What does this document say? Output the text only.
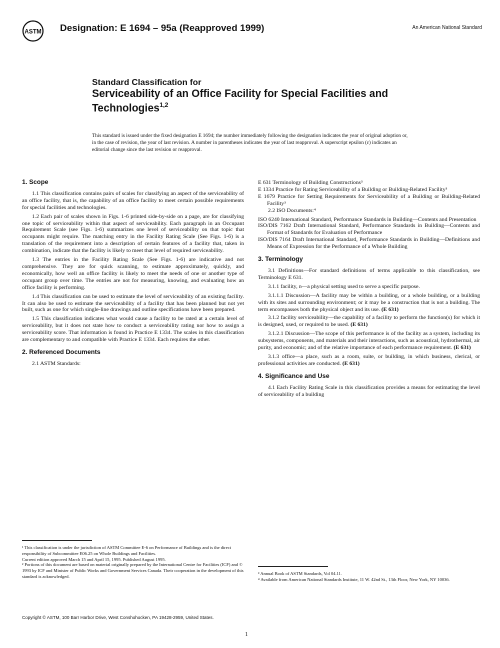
ASTM Designation: E 1694 – 95a (Reapproved 1999)	An American National Standard
Standard Classification for
Serviceability of an Office Facility for Special Facilities and Technologies$^{1,2}$
This standard is issued under the fixed designation E 1694; the number immediately following the designation indicates the year of original adoption or, in the case of revision, the year of last revision. A number in parentheses indicates the year of last reapproval. A superscript epsilon (ε) indicates an editorial change since the last revision or reapproval.
1. Scope

1.1 This classification contains pairs of scales for classifying an aspect of the serviceability of an office facility, that is, the capability of an office facility to meet certain possible requirements for special facilities and technologies.

1.2 Each pair of scales shown in Figs. 1-6 printed side-by-side on a page, are for classifying one topic of serviceability within that aspect of serviceability. Each paragraph in an Occupant Requirement Scale (see Figs. 1-6) summarizes one level of serviceability on that topic that occupants might require. The matching entry in the Facility Rating Scale (See Figs. 1-6) is a translation of the requirement into a description of certain features of a facility that, taken in combination, indicate that the facility is likely to meet that level of required serviceability.

1.3 The entries in the Facility Rating Scale (See Figs. 1-6) are indicative and not comprehensive. They are for quick scanning, to estimate approximately, quickly, and economically, how well an office facility is likely to meet the needs of one or another type of occupant group over time. The entries are not for measuring, knowing, and evaluating how an office facility is performing.

1.4 This classification can be used to estimate the level of serviceability of an existing facility. It can also be used to estimate the serviceability of a facility that has been planned but not yet built, such as one for which single-line drawings and outline specifications have been prepared.

1.5 This classification indicates what would cause a facility to be rated at a certain level of serviceability, but it does not state how to conduct a serviceability rating nor how to assign a serviceability score. That information is found in Practice E 1334. The scales in this classification are complementary to and compatible with Practice E 1334. Each requires the other.

2. Referenced Documents

2.1 ASTM Standards:

¹ This classification is under the jurisdiction of ASTM Committee E-6 on Performance of Buildings and is the direct responsibility of Subcommittee E06.25 on Whole Buildings and Facilities.
Current edition approved March 15 and April 15, 1995. Published August 1995.
² Portions of this document are based on material originally prepared by the International Centre for Facilities (ICF) and © 1993 by ICF and Minister of Public Works and Government Services Canada. Their cooperation in the development of this standard is acknowledged.
E 631 Terminology of Building Constructions³
E 1334 Practice for Rating Serviceability of a Building or Building-Related Facility³
E 1679 Practice for Setting Requirements for Serviceability of a Building or Building-Related Facility³

2.2 ISO Documents:⁴

ISO 6240 International Standard, Performance Standards in Building—Contents and Presentation
ISO/DIS 7162 Draft International Standard, Performance Standards in Building—Contents and Format of Standards for Evaluation of Performance
ISO/DIS 7164 Draft International Standard, Performance Standards in Building—Definitions and Means of Expression for the Performance of a Whole Building
3. Terminology

3.1 Definitions—For standard definitions of terms applicable to this classification, see Terminology E 631.

3.1.1 facility, n—a physical setting used to serve a specific purpose.

3.1.1.1 Discussion—A facility may be within a building, or a whole building, or a building with its sites and surrounding environment; or it may be a construction that is not a building. The term encompasses both the physical object and its use. (E 631)

3.1.2 facility serviceability—the capability of a facility to perform the function(s) for which it is designed, used, or required to be used. (E 631)

3.1.2.1 Discussion—The scope of this performance is of the facility as a system, including its subsystems, components, and materials and their interactions, such as acoustical, hydrothermal, air purity, and economic; and of the relative importance of each performance requirement. (E 631)

3.1.3 office—a place, such as a room, suite, or building, in which business, clerical, or professional activities are conducted. (E 631)

4. Significance and Use

4.1 Each Facility Rating Scale in this classification provides a means for estimating the level of serviceability of a building

³ Annual Book of ASTM Standards, Vol 04.11.
⁴ Available from American National Standards Institute, 11 W. 42nd St., 13th Floor, New York, NY 10036.
Copyright © ASTM, 100 Barr Harbor Drive, West Conshohocken, PA 19428-2959, United States.
1
